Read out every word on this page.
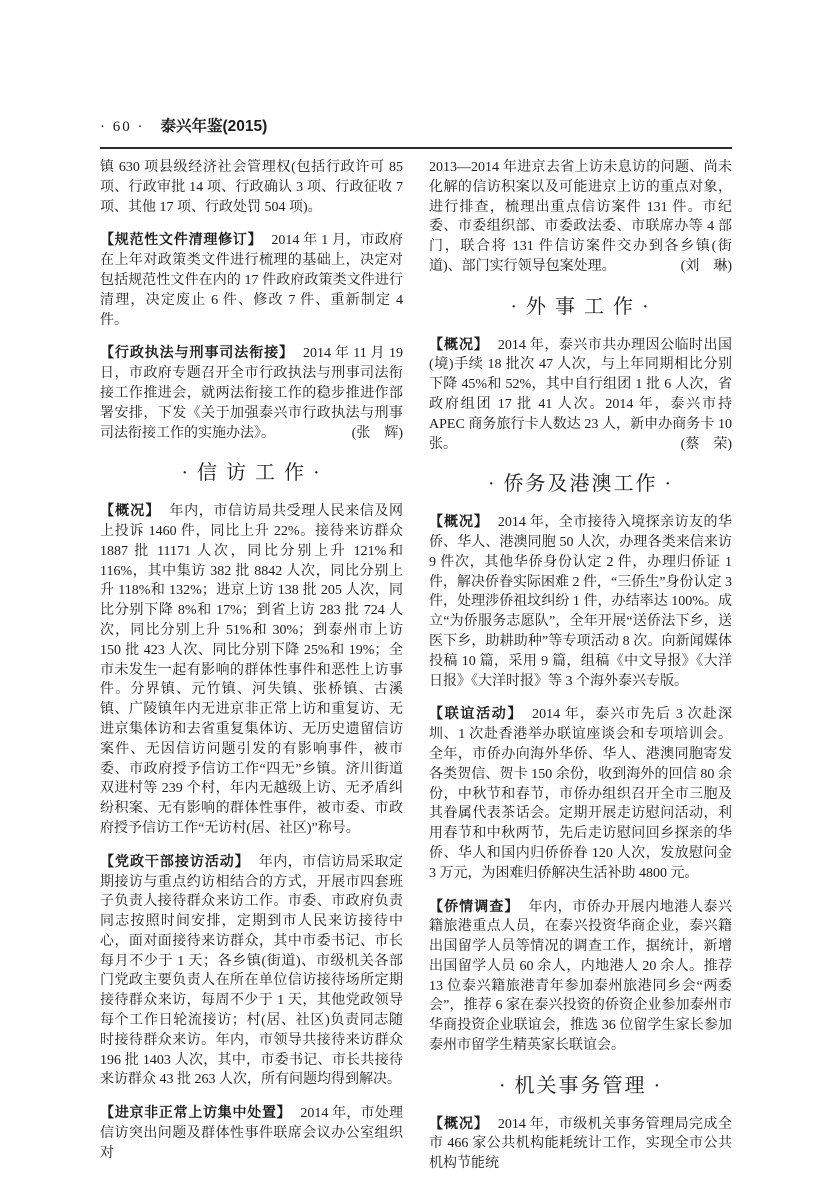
· 60 · 泰兴年鉴(2015)

镇 630 项县级经济社会管理权(包括行政许可 85 项、行政审批 14 项、行政确认 3 项、行政征收 7 项、其他 17 项、行政处罚 504 项)。

【规范性文件清理修订】 2014 年 1 月，市政府在上年对政策类文件进行梳理的基础上，决定对包括规范性文件在内的 17 件政府政策类文件进行清理，决定废止 6 件、修改 7 件、重新制定 4 件。

【行政执法与刑事司法衔接】 2014 年 11 月 19 日，市政府专题召开全市行政执法与刑事司法衔接工作推进会，就两法衔接工作的稳步推进作部署安排，下发《关于加强泰兴市行政执法与刑事司法衔接工作的实施办法》。	(张　辉)

· 信 访 工 作 ·

【概况】 年内，市信访局共受理人民来信及网上投诉 1460 件，同比上升 22%。接待来访群众 1887 批 11171 人次，同比分别上升 121%和 116%，其中集访 382 批 8842 人次，同比分别上升 118%和 132%；进京上访 138 批 205 人次，同比分别下降 8%和 17%；到省上访 283 批 724 人次，同比分别上升 51%和 30%；到泰州市上访 150 批 423 人次、同比分别下降 25%和 19%；全市未发生一起有影响的群体性事件和恶性上访事件。分界镇、元竹镇、河失镇、张桥镇、古溪镇、广陵镇年内无进京非正常上访和重复访、无进京集体访和去省重复集体访、无历史遗留信访案件、无因信访问题引发的有影响事件，被市委、市政府授予信访工作“四无”乡镇。济川街道双进村等 239 个村，年内无越级上访、无矛盾纠纷积案、无有影响的群体性事件，被市委、市政府授予信访工作“无访村(居、社区)”称号。

【党政干部接访活动】 年内，市信访局采取定期接访与重点约访相结合的方式，开展市四套班子负责人接待群众来访工作。市委、市政府负责同志按照时间安排，定期到市人民来访接待中心，面对面接待来访群众，其中市委书记、市长每月不少于 1 天；各乡镇(街道)、市级机关各部门党政主要负责人在所在单位信访接待场所定期接待群众来访，每周不少于 1 天，其他党政领导每个工作日轮流接访；村(居、社区)负责同志随时接待群众来访。年内，市领导共接待来访群众 196 批 1403 人次，其中，市委书记、市长共接待来访群众 43 批 263 人次，所有问题均得到解决。

【进京非正常上访集中处置】 2014 年，市处理信访突出问题及群体性事件联席会议办公室组织对

2013—2014 年进京去省上访未息访的问题、尚未化解的信访积案以及可能进京上访的重点对象，进行排查，梳理出重点信访案件 131 件。市纪委、市委组织部、市委政法委、市联席办等 4 部门，联合将 131 件信访案件交办到各乡镇(街道)、部门实行领导包案处理。	(刘　琳)

· 外 事 工 作 ·

【概况】 2014 年，泰兴市共办理因公临时出国(境)手续 18 批次 47 人次，与上年同期相比分别下降 45%和 52%，其中自行组团 1 批 6 人次，省政府组团 17 批 41 人次。2014 年，泰兴市持 APEC 商务旅行卡人数达 23 人，新申办商务卡 10 张。	(蔡　荣)

· 侨务及港澳工作 ·

【概况】 2014 年，全市接待入境探亲访友的华侨、华人、港澳同胞 50 人次，办理各类来信来访 9 件次，其他华侨身份认定 2 件，办理归侨证 1 件，解决侨眷实际困难 2 件，“三侨生”身份认定 3 件，处理涉侨祖坟纠纷 1 件，办结率达 100%。成立“为侨服务志愿队”，全年开展“送侨法下乡，送医下乡，助耕助种”等专项活动 8 次。向新闻媒体投稿 10 篇，采用 9 篇，组稿《中文导报》《大洋日报》《大洋时报》等 3 个海外泰兴专版。

【联谊活动】 2014 年，泰兴市先后 3 次赴深圳、1 次赴香港举办联谊座谈会和专项培训会。全年，市侨办向海外华侨、华人、港澳同胞寄发各类贺信、贺卡 150 余份，收到海外的回信 80 余份，中秋节和春节，市侨办组织召开全市三胞及其眷属代表茶话会。定期开展走访慰问活动，利用春节和中秋两节，先后走访慰问回乡探亲的华侨、华人和国内归侨侨眷 120 人次，发放慰问金 3 万元，为困难归侨解决生活补助 4800 元。

【侨情调查】 年内，市侨办开展内地港人泰兴籍旅港重点人员，在泰兴投资华商企业，泰兴籍出国留学人员等情况的调查工作，据统计，新增出国留学人员 60 余人，内地港人 20 余人。推荐 13 位泰兴籍旅港青年参加泰州旅港同乡会“两委会”，推荐 6 家在泰兴投资的侨资企业参加泰州市华商投资企业联谊会，推选 36 位留学生家长参加泰州市留学生精英家长联谊会。

· 机关事务管理 ·

【概况】 2014 年，市级机关事务管理局完成全市 466 家公共机构能耗统计工作，实现全市公共机构节能统
